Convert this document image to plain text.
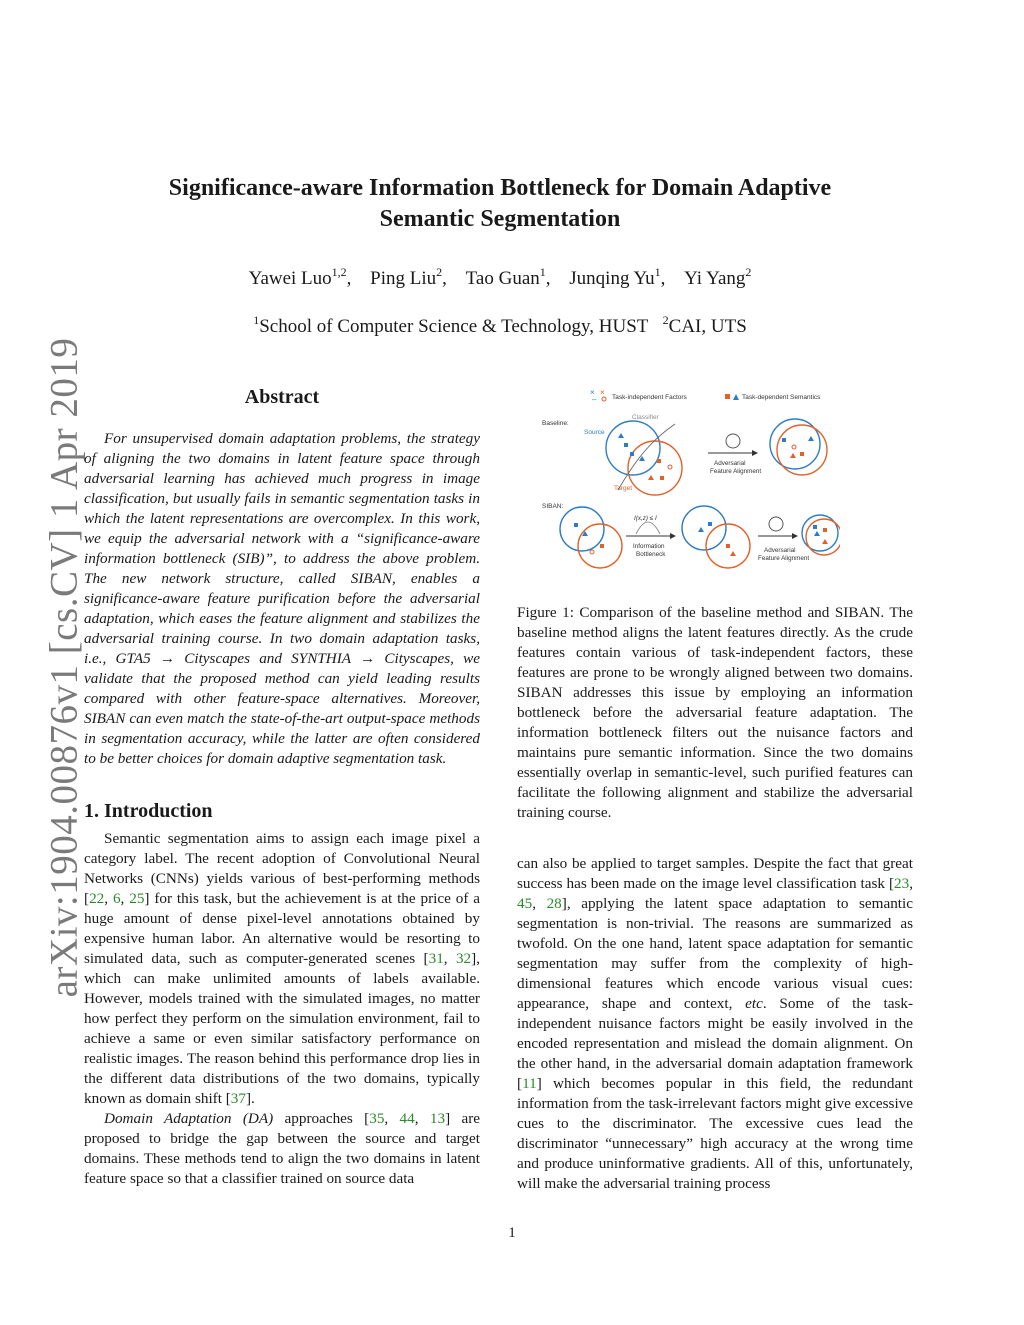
arXiv:1904.00876v1 [cs.CV] 1 Apr 2019
Significance-aware Information Bottleneck for Domain Adaptive
Semantic Segmentation
Yawei Luo$^{1,2}$, Ping Liu$^2$, Tao Guan$^1$, Junqing Yu$^1$, Yi Yang$^2$
$^1$School of Computer Science & Technology, HUST $^2$CAI, UTS
Abstract

For unsupervised domain adaptation problems, the strategy of aligning the two domains in latent feature space through adversarial learning has achieved much progress in image classification, but usually fails in semantic segmentation tasks in which the latent representations are overcomplex. In this work, we equip the adversarial network with a “significance-aware information bottleneck (SIB)”, to address the above problem. The new network structure, called SIBAN, enables a significance-aware feature purification before the adversarial adaptation, which eases the feature alignment and stabilizes the adversarial training course. In two domain adaptation tasks, i.e., GTA5 → Cityscapes and SYNTHIA → Cityscapes, we validate that the proposed method can yield leading results compared with other feature-space alternatives. Moreover, SIBAN can even match the state-of-the-art output-space methods in segmentation accuracy, while the latter are often considered to be better choices for domain adaptive segmentation task.

1. Introduction

Semantic segmentation aims to assign each image pixel a category label. The recent adoption of Convolutional Neural Networks (CNNs) yields various of best-performing methods [22, 6, 25] for this task, but the achievement is at the price of a huge amount of dense pixel-level annotations obtained by expensive human labor. An alternative would be resorting to simulated data, such as computer-generated scenes [31, 32], which can make unlimited amounts of labels available. However, models trained with the simulated images, no matter how perfect they perform on the simulation environment, fail to achieve a same or even similar satisfactory performance on realistic images. The reason behind this performance drop lies in the different data distributions of the two domains, typically known as domain shift [37].

Domain Adaptation (DA) approaches [35, 44, 13] are proposed to bridge the gap between the source and target domains. These methods tend to align the two domains in latent feature space so that a classifier trained on source data

× ×
– Task-independent Factors	Task-dependent Semantics
Baseline:
Classifier
Source
Target
Adversarial
Feature Alignment
SIBAN:
I(x,z) ≤ I
Information
Bottleneck
Adversarial
Feature Alignment

Figure 1: Comparison of the baseline method and SIBAN. The baseline method aligns the latent features directly. As the crude features contain various of task-independent factors, these features are prone to be wrongly aligned between two domains. SIBAN addresses this issue by employing an information bottleneck before the adversarial feature adaptation. The information bottleneck filters out the nuisance factors and maintains pure semantic information. Since the two domains essentially overlap in semantic-level, such purified features can facilitate the following alignment and stabilize the adversarial training course.

can also be applied to target samples. Despite the fact that great success has been made on the image level classification task [23, 45, 28], applying the latent space adaptation to semantic segmentation is non-trivial. The reasons are summarized as twofold. On the one hand, latent space adaptation for semantic segmentation may suffer from the complexity of high-dimensional features which encode various visual cues: appearance, shape and context, etc. Some of the task-independent nuisance factors might be easily involved in the encoded representation and mislead the domain alignment. On the other hand, in the adversarial domain adaptation framework [11] which becomes popular in this field, the redundant information from the task-irrelevant factors might give excessive cues to the discriminator. The excessive cues lead the discriminator “unnecessary” high accuracy at the wrong time and produce uninformative gradients. All of this, unfortunately, will make the adversarial training process

1
